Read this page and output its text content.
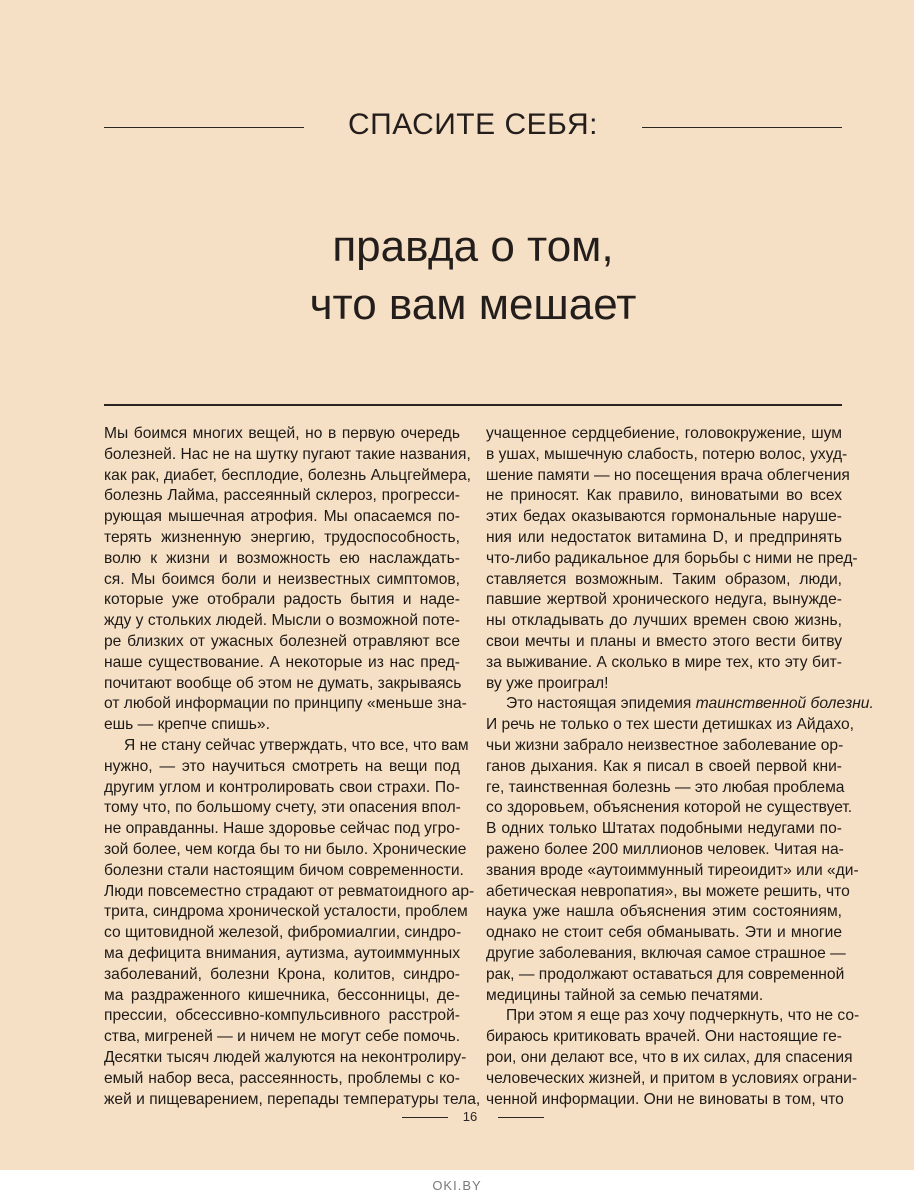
СПАСИТЕ СЕБЯ:
правда о том,
что вам мешает
Мы боимся многих вещей, но в первую очередь
болезней. Нас не на шутку пугают такие названия,
как рак, диабет, бесплодие, болезнь Альцгеймера,
болезнь Лайма, рассеянный склероз, прогресси-
рующая мышечная атрофия. Мы опасаемся по-
терять жизненную энергию, трудоспособность,
волю к жизни и возможность ею наслаждать-
ся. Мы боимся боли и неизвестных симптомов,
которые уже отобрали радость бытия и наде-
жду у стольких людей. Мысли о возможной поте-
ре близких от ужасных болезней отравляют все
наше существование. А некоторые из нас пред-
почитают вообще об этом не думать, закрываясь
от любой информации по принципу «меньше зна-
ешь — крепче спишь».
Я не стану сейчас утверждать, что все, что вам
нужно, — это научиться смотреть на вещи под
другим углом и контролировать свои страхи. По-
тому что, по большому счету, эти опасения впол-
не оправданны. Наше здоровье сейчас под угро-
зой более, чем когда бы то ни было. Хронические
болезни стали настоящим бичом современности.
Люди повсеместно страдают от ревматоидного ар-
трита, синдрома хронической усталости, проблем
со щитовидной железой, фибромиалгии, синдро-
ма дефицита внимания, аутизма, аутоиммунных
заболеваний, болезни Крона, колитов, синдро-
ма раздраженного кишечника, бессонницы, де-
прессии, обсессивно-компульсивного расстрой-
ства, мигреней — и ничем не могут себе помочь.
Десятки тысяч людей жалуются на неконтролиру-
емый набор веса, рассеянность, проблемы с ко-
жей и пищеварением, перепады температуры тела,
учащенное сердцебиение, головокружение, шум
в ушах, мышечную слабость, потерю волос, ухуд-
шение памяти — но посещения врача облегчения
не приносят. Как правило, виноватыми во всех
этих бедах оказываются гормональные наруше-
ния или недостаток витамина D, и предпринять
что-либо радикальное для борьбы с ними не пред-
ставляется возможным. Таким образом, люди,
павшие жертвой хронического недуга, вынужде-
ны откладывать до лучших времен свою жизнь,
свои мечты и планы и вместо этого вести битву
за выживание. А сколько в мире тех, кто эту бит-
ву уже проиграл!
Это настоящая эпидемия таинственной болезни.
И речь не только о тех шести детишках из Айдахо,
чьи жизни забрало неизвестное заболевание ор-
ганов дыхания. Как я писал в своей первой кни-
ге, таинственная болезнь — это любая проблема
со здоровьем, объяснения которой не существует.
В одних только Штатах подобными недугами по-
ражено более 200 миллионов человек. Читая на-
звания вроде «аутоиммунный тиреоидит» или «ди-
абетическая невропатия», вы можете решить, что
наука уже нашла объяснения этим состояниям,
однако не стоит себя обманывать. Эти и многие
другие заболевания, включая самое страшное —
рак, — продолжают оставаться для современной
медицины тайной за семью печатями.
При этом я еще раз хочу подчеркнуть, что не со-
бираюсь критиковать врачей. Они настоящие ге-
рои, они делают все, что в их силах, для спасения
человеческих жизней, и притом в условиях ограни-
ченной информации. Они не виноваты в том, что
16
OKI.BY
